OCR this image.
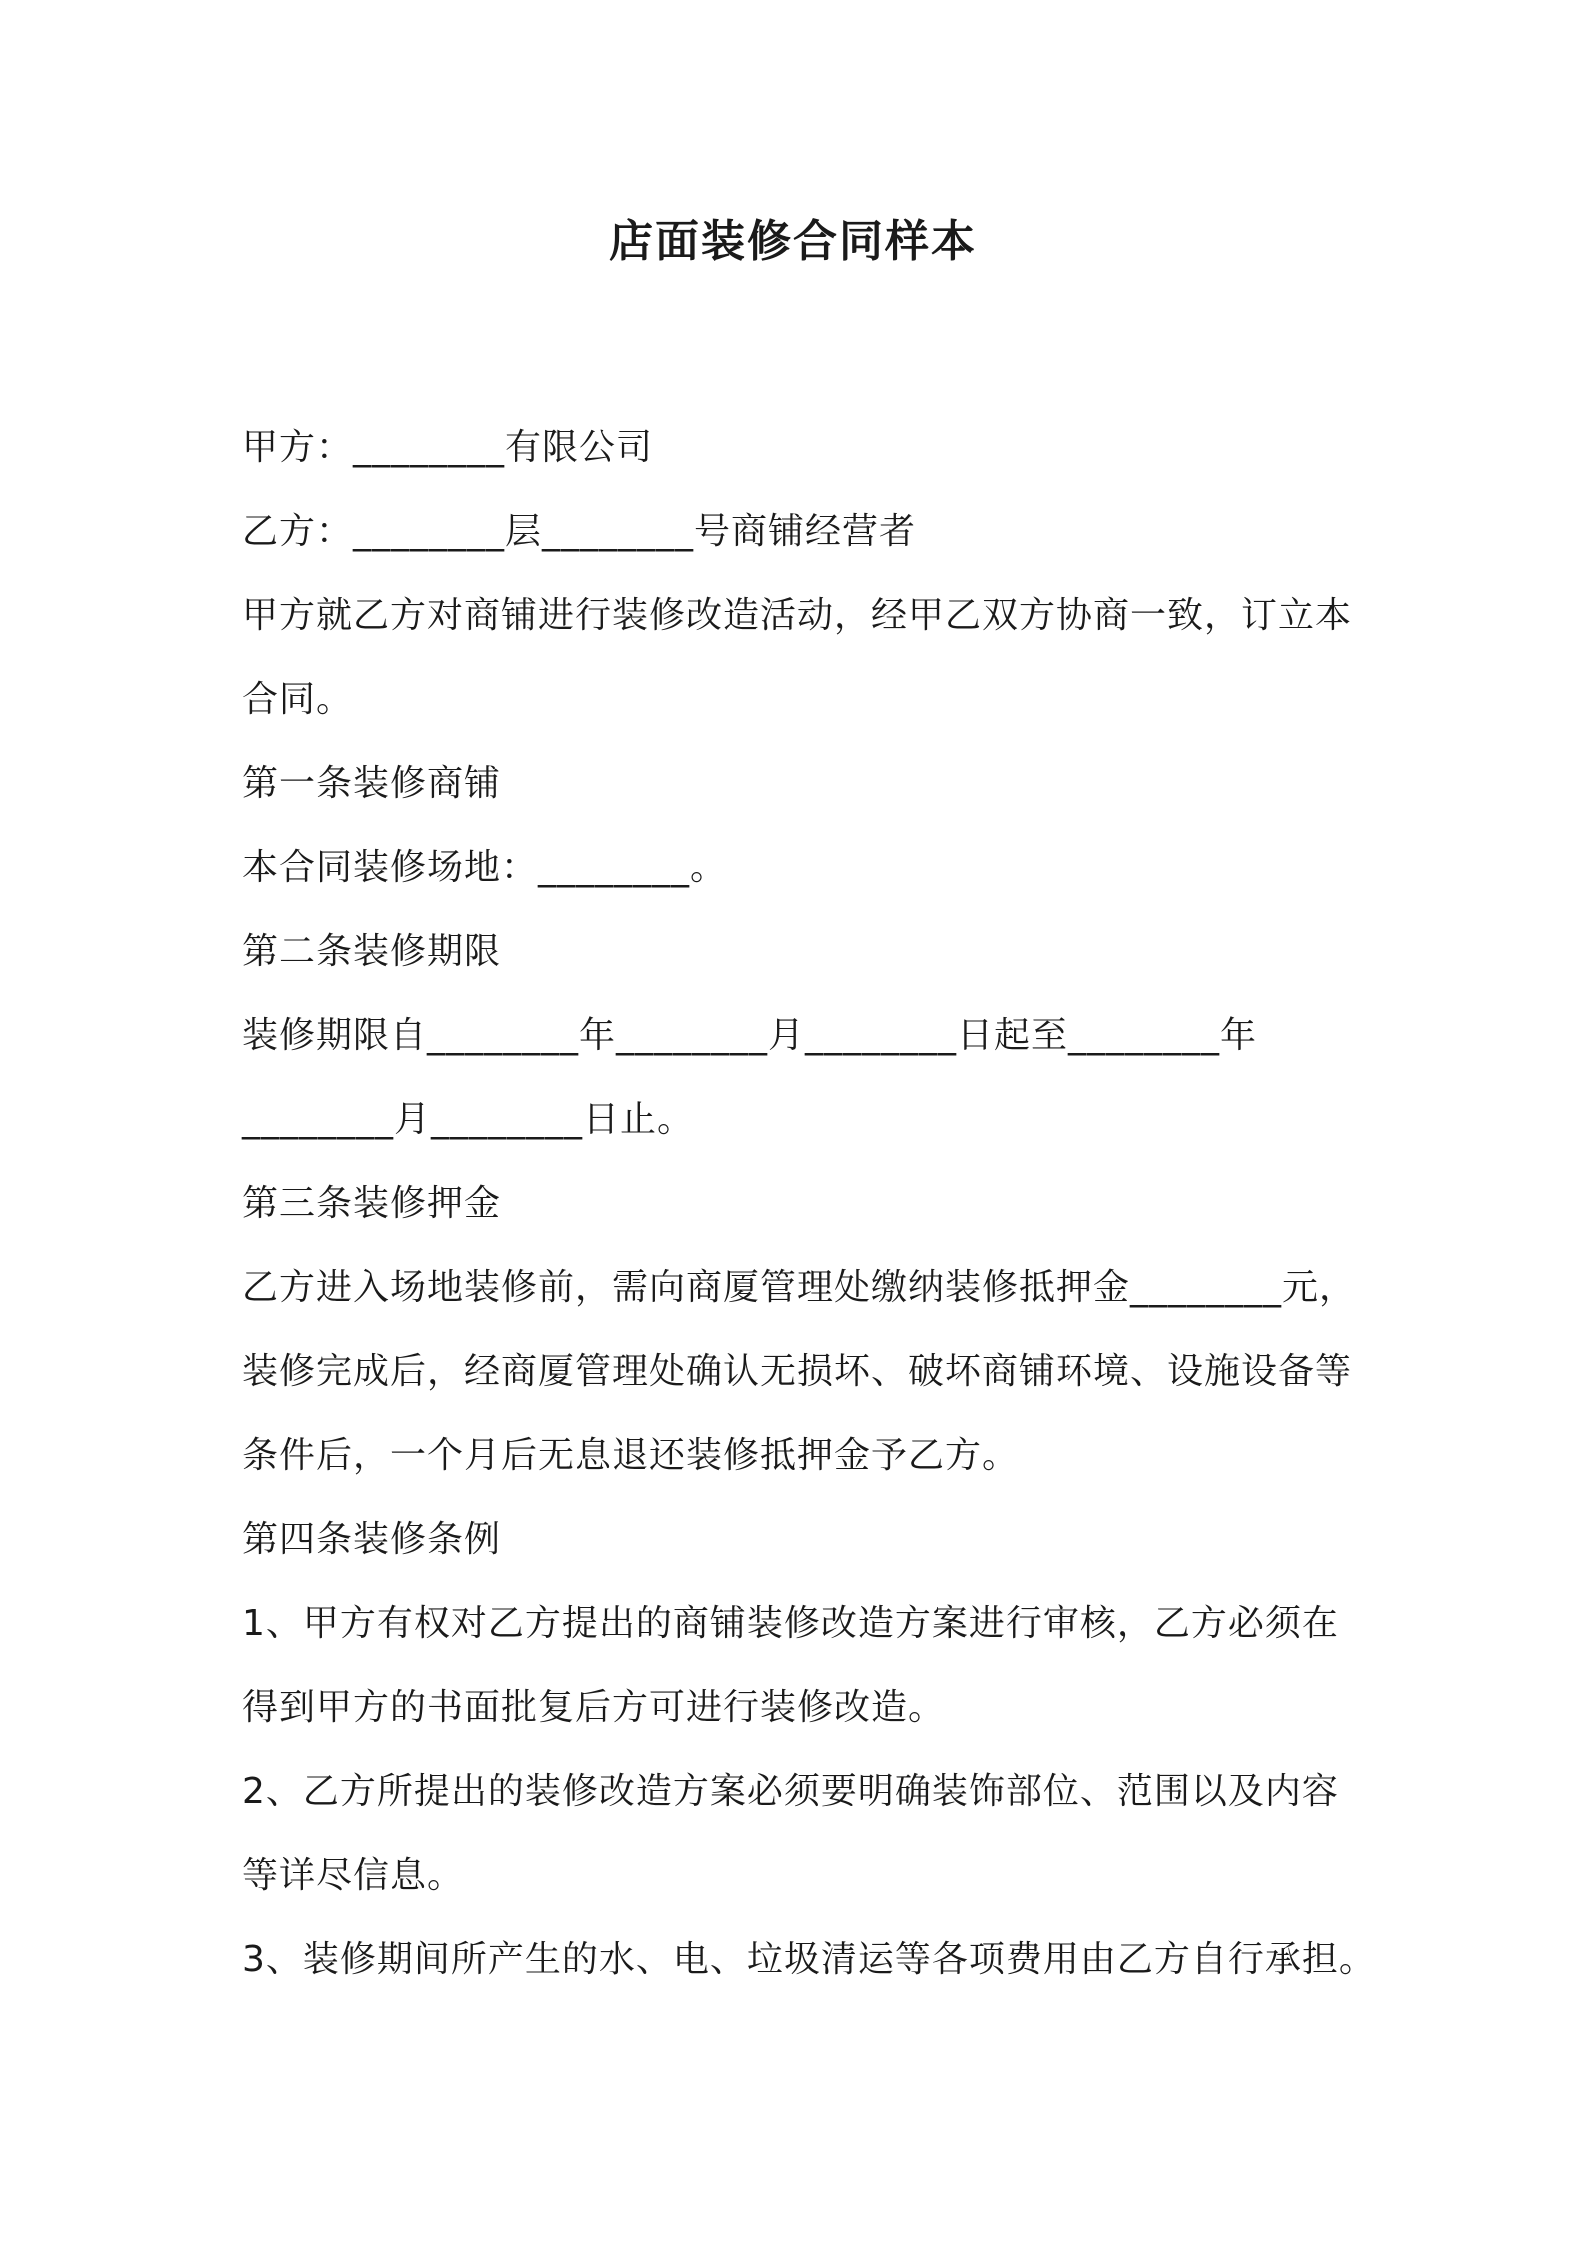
店面装修合同样本
甲方：________有限公司
乙方：________层________号商铺经营者
甲方就乙方对商铺进行装修改造活动，经甲乙双方协商一致，订立本
合同。
第一条装修商铺
本合同装修场地：________。
第二条装修期限
装修期限自________年________月________日起至________年
________月________日止。
第三条装修押金
乙方进入场地装修前，需向商厦管理处缴纳装修抵押金________元，
装修完成后，经商厦管理处确认无损坏、破坏商铺环境、设施设备等
条件后，一个月后无息退还装修抵押金予乙方。
第四条装修条例
1、甲方有权对乙方提出的商铺装修改造方案进行审核，乙方必须在
得到甲方的书面批复后方可进行装修改造。
2、乙方所提出的装修改造方案必须要明确装饰部位、范围以及内容
等详尽信息。
3、装修期间所产生的水、电、垃圾清运等各项费用由乙方自行承担。
